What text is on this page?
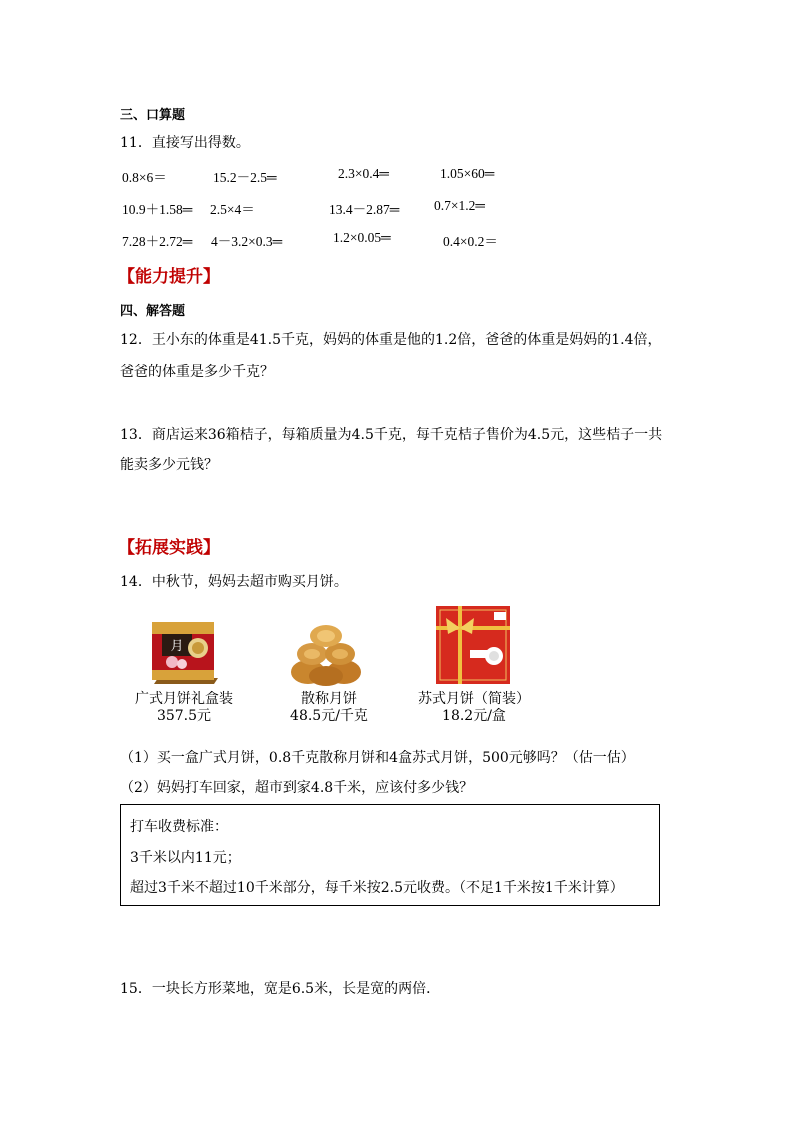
三、口算题
11．直接写出得数。
0.8×6＝	15.2－2.5═	2.3×0.4═	1.05×60═
10.9＋1.58═ 2.5×4＝	13.4－2.87═	0.7×1.2═
7.28＋2.72═ 4－3.2×0.3═	1.2×0.05═	0.4×0.2＝
【能力提升】
四、解答题
12．王小东的体重是41.5千克，妈妈的体重是他的1.2倍，爸爸的体重是妈妈的1.4倍，
爸爸的体重是多少千克？
13．商店运来36箱桔子，每箱质量为4.5千克，每千克桔子售价为4.5元，这些桔子一共
能卖多少元钱？
【拓展实践】
14．中秋节，妈妈去超市购买月饼。
月
广式月饼礼盒装
357.5元
散称月饼
48.5元/千克
苏式月饼（简装）
18.2元/盒
（1）买一盒广式月饼，0.8千克散称月饼和4盒苏式月饼，500元够吗？（估一估）
（2）妈妈打车回家，超市到家4.8千米，应该付多少钱？
打车收费标准：
3千米以内11元；
超过3千米不超过10千米部分，每千米按2.5元收费。（不足1千米按1千米计算）
15．一块长方形菜地，宽是6.5米，长是宽的两倍．
